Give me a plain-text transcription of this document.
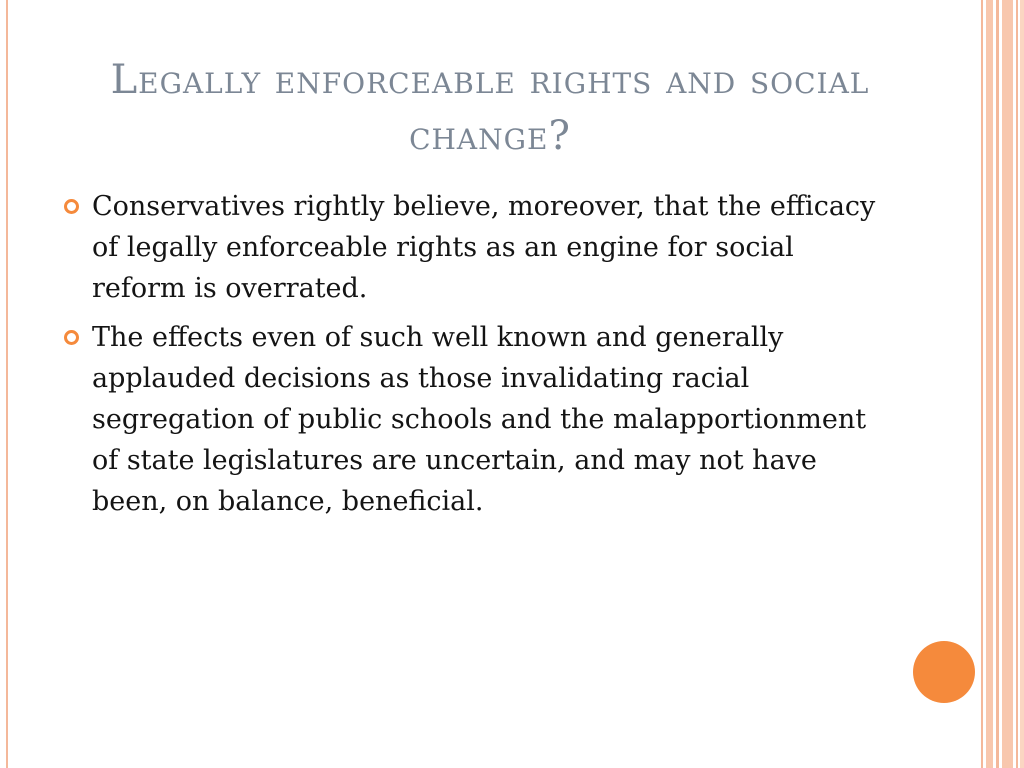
Legally enforceable rights and social change?
Conservatives rightly believe, moreover, that the efficacy of legally enforceable rights as an engine for social reform is overrated.
The effects even of such well known and generally applauded decisions as those invalidating racial segregation of public schools and the malapportionment of state legislatures are uncertain, and may not have been, on balance, beneficial.
